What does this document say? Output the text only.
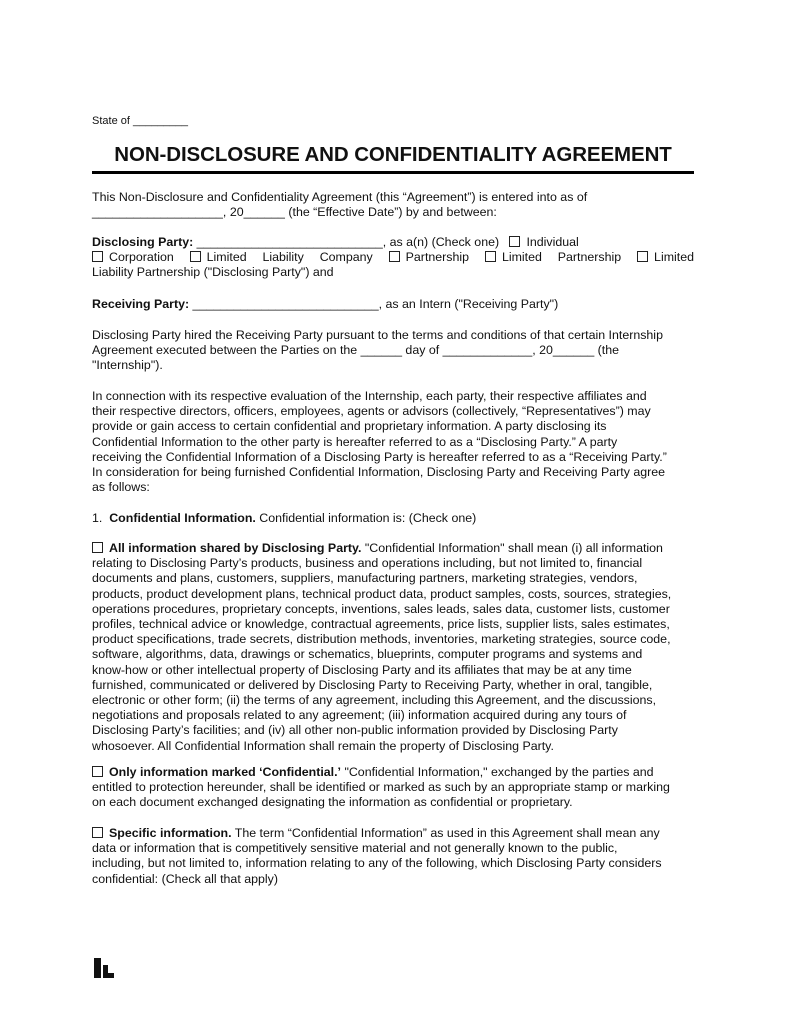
State of _________
NON-DISCLOSURE AND CONFIDENTIALITY AGREEMENT
This Non-Disclosure and Confidentiality Agreement (this “Agreement”) is entered into as of
___________________, 20______ (the “Effective Date”) by and between:
Disclosing Party: ___________________________, as a(n) (Check one) Individual
Corporation	Limited Liability Company	Partnership	Limited Partnership	Limited
Liability Partnership ("Disclosing Party") and
Receiving Party: ___________________________, as an Intern ("Receiving Party")
Disclosing Party hired the Receiving Party pursuant to the terms and conditions of that certain Internship
Agreement executed between the Parties on the ______ day of _____________, 20______ (the
"Internship").
In connection with its respective evaluation of the Internship, each party, their respective affiliates and
their respective directors, officers, employees, agents or advisors (collectively, “Representatives”) may
provide or gain access to certain confidential and proprietary information. A party disclosing its
Confidential Information to the other party is hereafter referred to as a “Disclosing Party.” A party
receiving the Confidential Information of a Disclosing Party is hereafter referred to as a “Receiving Party.”
In consideration for being furnished Confidential Information, Disclosing Party and Receiving Party agree
as follows:
1. Confidential Information. Confidential information is: (Check one)
All information shared by Disclosing Party. "Confidential Information" shall mean (i) all information
relating to Disclosing Party’s products, business and operations including, but not limited to, financial
documents and plans, customers, suppliers, manufacturing partners, marketing strategies, vendors,
products, product development plans, technical product data, product samples, costs, sources, strategies,
operations procedures, proprietary concepts, inventions, sales leads, sales data, customer lists, customer
profiles, technical advice or knowledge, contractual agreements, price lists, supplier lists, sales estimates,
product specifications, trade secrets, distribution methods, inventories, marketing strategies, source code,
software, algorithms, data, drawings or schematics, blueprints, computer programs and systems and
know-how or other intellectual property of Disclosing Party and its affiliates that may be at any time
furnished, communicated or delivered by Disclosing Party to Receiving Party, whether in oral, tangible,
electronic or other form; (ii) the terms of any agreement, including this Agreement, and the discussions,
negotiations and proposals related to any agreement; (iii) information acquired during any tours of
Disclosing Party’s facilities; and (iv) all other non-public information provided by Disclosing Party
whosoever. All Confidential Information shall remain the property of Disclosing Party.
Only information marked ‘Confidential.’ "Confidential Information," exchanged by the parties and
entitled to protection hereunder, shall be identified or marked as such by an appropriate stamp or marking
on each document exchanged designating the information as confidential or proprietary.
Specific information. The term “Confidential Information” as used in this Agreement shall mean any
data or information that is competitively sensitive material and not generally known to the public,
including, but not limited to, information relating to any of the following, which Disclosing Party considers
confidential: (Check all that apply)
